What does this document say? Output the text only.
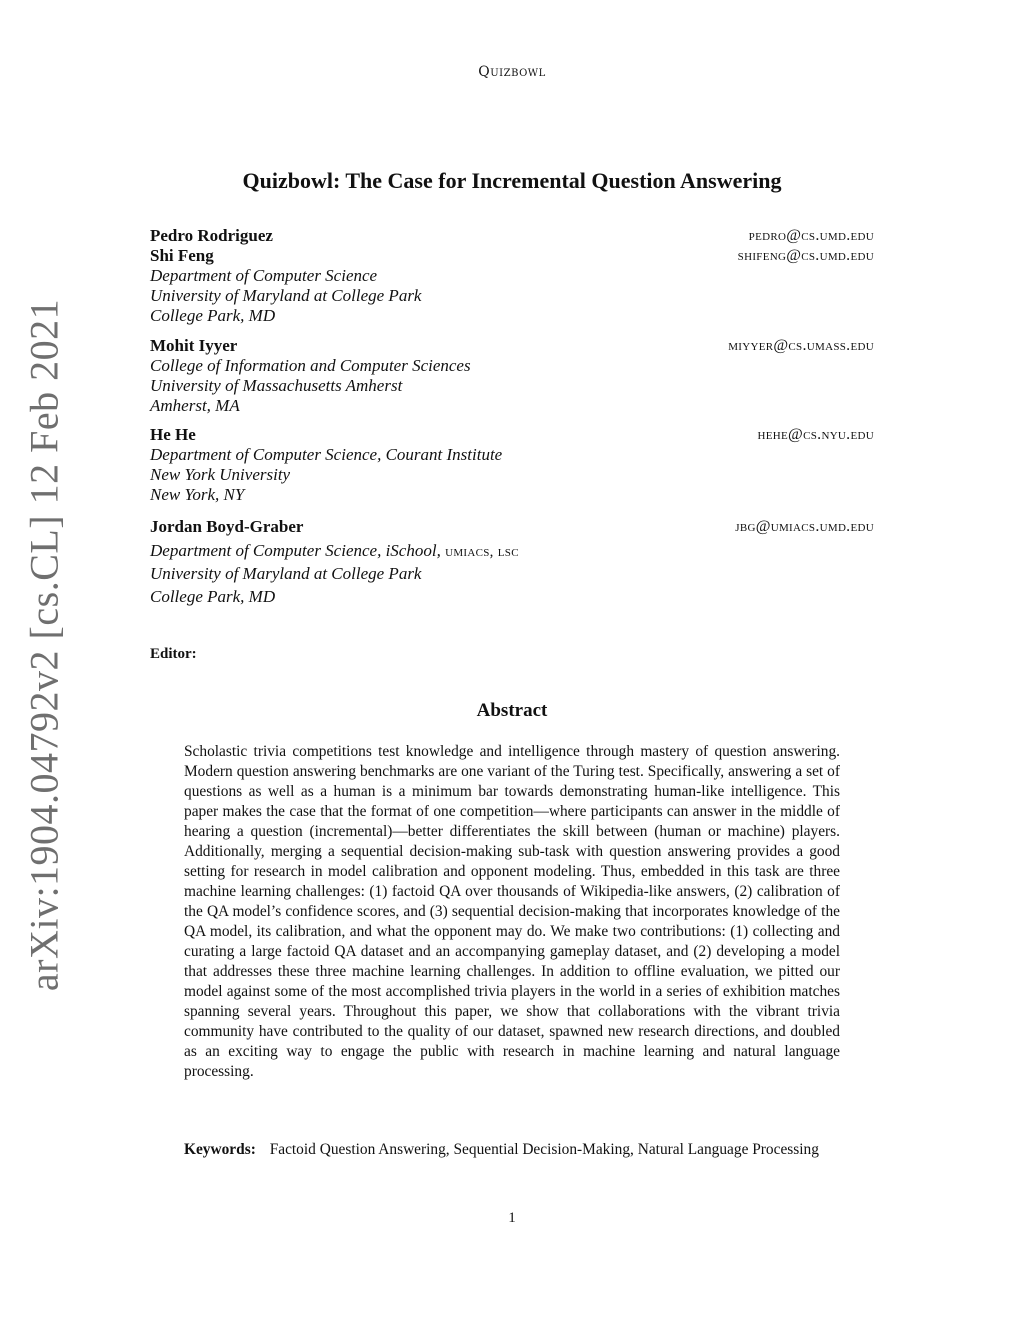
arXiv:1904.04792v2 [cs.CL] 12 Feb 2021
Quizbowl
Quizbowl: The Case for Incremental Question Answering
Pedro Rodriguez	pedro@cs.umd.edu
Shi Feng	shifeng@cs.umd.edu
Department of Computer Science
University of Maryland at College Park
College Park, MD
Mohit Iyyer	miyyer@cs.umass.edu
College of Information and Computer Sciences
University of Massachusetts Amherst
Amherst, MA
He He	hehe@cs.nyu.edu
Department of Computer Science, Courant Institute
New York University
New York, NY
Jordan Boyd-Graber	jbg@umiacs.umd.edu
Department of Computer Science, iSchool, umiacs, lsc
University of Maryland at College Park
College Park, MD
Editor:
Abstract
Scholastic trivia competitions test knowledge and intelligence through mastery of question answering. Modern question answering benchmarks are one variant of the Turing test. Specifically, answering a set of questions as well as a human is a minimum bar towards demonstrating human-like intelligence. This paper makes the case that the format of one competition—where participants can answer in the middle of hearing a question (incremental)—better differentiates the skill between (human or machine) players. Additionally, merging a sequential decision-making sub-task with question answering provides a good setting for research in model calibration and opponent modeling. Thus, embedded in this task are three machine learning challenges: (1) factoid QA over thousands of Wikipedia-like answers, (2) calibration of the QA model’s confidence scores, and (3) sequential decision-making that incorporates knowledge of the QA model, its calibration, and what the opponent may do. We make two contributions: (1) collecting and curating a large factoid QA dataset and an accompanying gameplay dataset, and (2) developing a model that addresses these three machine learning challenges. In addition to offline evaluation, we pitted our model against some of the most accomplished trivia players in the world in a series of exhibition matches spanning several years. Throughout this paper, we show that collaborations with the vibrant trivia community have contributed to the quality of our dataset, spawned new research directions, and doubled as an exciting way to engage the public with research in machine learning and natural language processing.
Keywords: Factoid Question Answering, Sequential Decision-Making, Natural Language Processing
1
